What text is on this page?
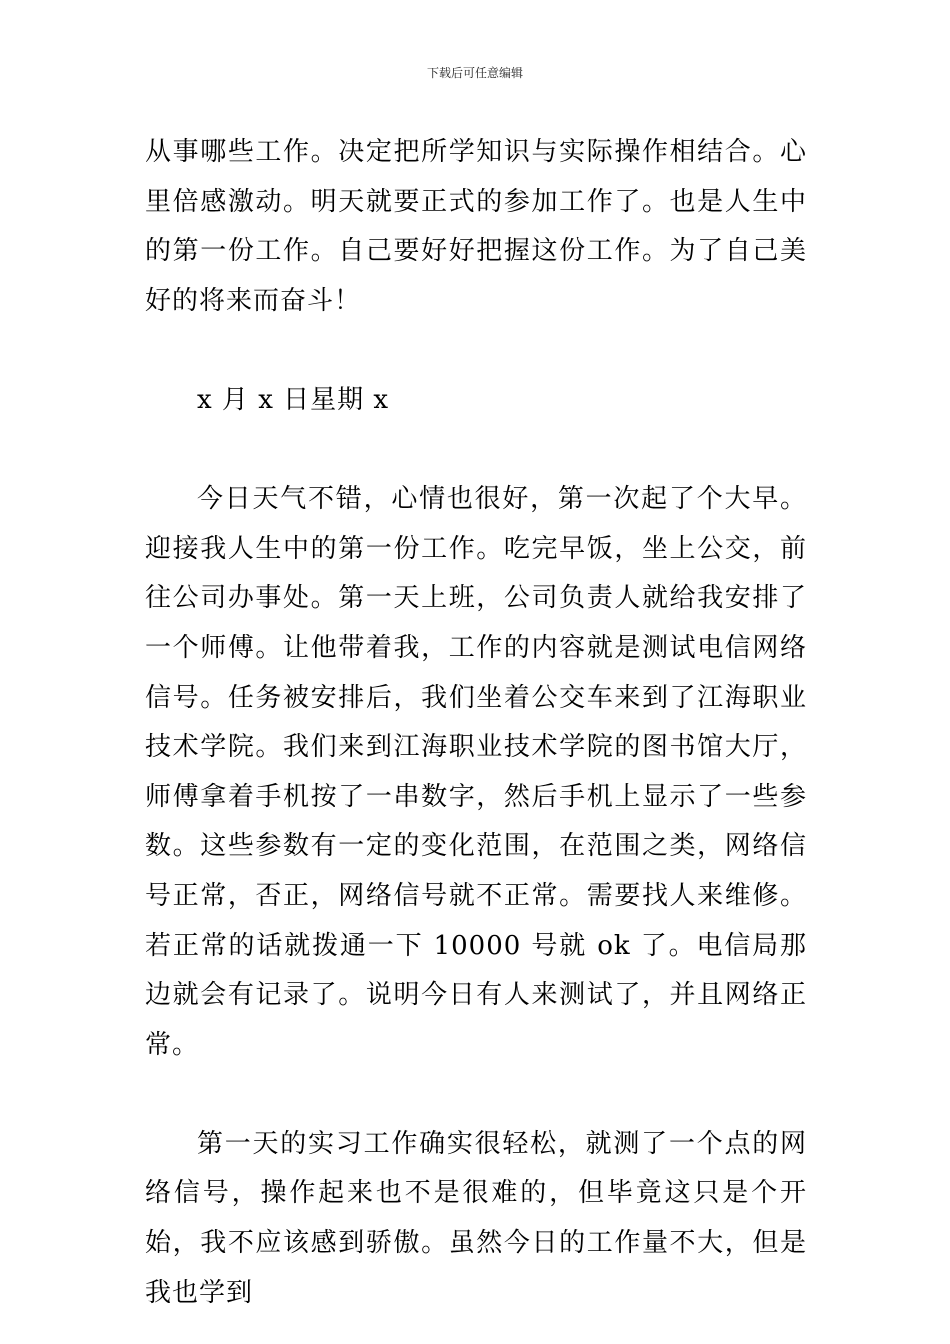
下载后可任意编辑

从事哪些工作。决定把所学知识与实际操作相结合。心里倍感激动。明天就要正式的参加工作了。也是人生中的第一份工作。自己要好好把握这份工作。为了自己美好的将来而奋斗！

x 月 x 日星期 x

今日天气不错，心情也很好，第一次起了个大早。迎接我人生中的第一份工作。吃完早饭，坐上公交，前往公司办事处。第一天上班，公司负责人就给我安排了一个师傅。让他带着我，工作的内容就是测试电信网络信号。任务被安排后，我们坐着公交车来到了江海职业技术学院。我们来到江海职业技术学院的图书馆大厅，师傅拿着手机按了一串数字，然后手机上显示了一些参数。这些参数有一定的变化范围，在范围之类，网络信号正常，否正，网络信号就不正常。需要找人来维修。若正常的话就拨通一下 10000 号就 ok 了。电信局那边就会有记录了。说明今日有人来测试了，并且网络正常。

第一天的实习工作确实很轻松，就测了一个点的网络信号，操作起来也不是很难的，但毕竟这只是个开始，我不应该感到骄傲。虽然今日的工作量不大，但是我也学到
